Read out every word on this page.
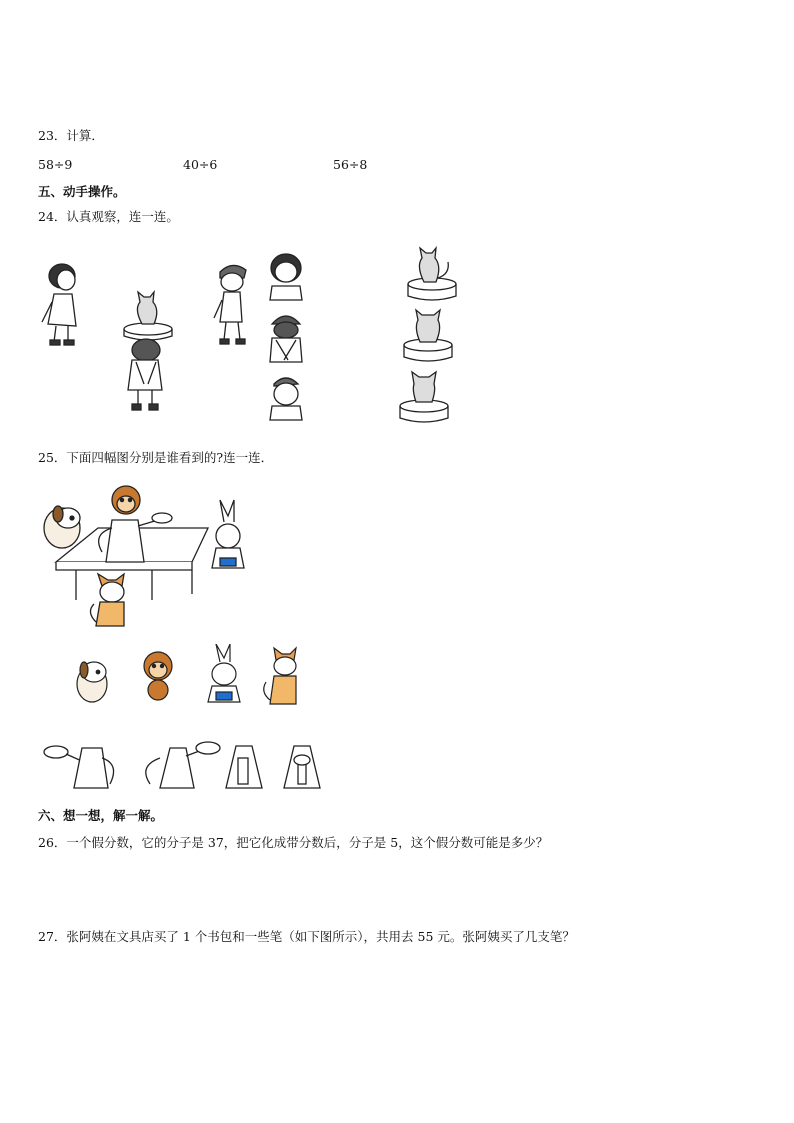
23．计算．
58÷9	40÷6	56÷8
五、动手操作。
24．认真观察，连一连。
25．下面四幅图分别是谁看到的?连一连．
六、想一想，解一解。
26．一个假分数，它的分子是 37，把它化成带分数后，分子是 5，这个假分数可能是多少？
27．张阿姨在文具店买了 1 个书包和一些笔（如下图所示），共用去 55 元。张阿姨买了几支笔？
